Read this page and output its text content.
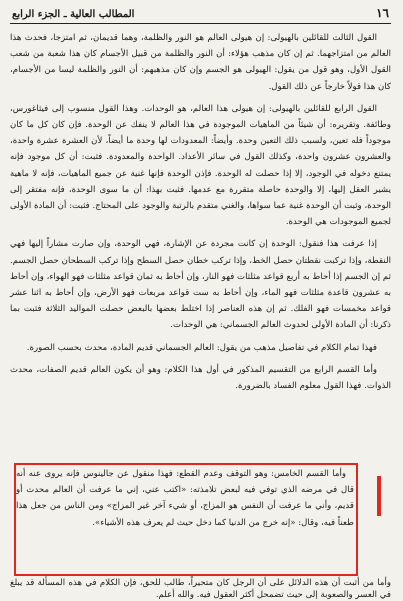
١٦
المطالب العالية ـ الجزء الرابع

القول الثالث للقائلين بالهيولى: إن هيولى العالم هو النور والظلمة، وهما قديمان، ثم امتزجا، فحدث هذا العالم من امتزاجهما. ثم إن كان مذهب هؤلاء: أن النور والظلمة من قبيل الأجسام كان هذا شعبة من شعب القول الأول، وهو قول من يقول: الهيولى هو الجسم وإن كان مذهبهم: أن النور والظلمة ليسا من الأجسام، كان هذا قولاً خارجاً عن ذلك القول.

القول الرابع للقائلين بالهيولى: إن هيولى هذا العالم، هو الوحدات. وهذا القول منسوب إلى فيثاغورس، وطائفة. وتقريره: أن شيئاً من الماهيات الموجودة في هذا العالم لا ينفك عن الوحدة. فإن كان كل ما كان موجوداً فله تعين، ولسبب ذلك التعين وحدة. وأيضاً: المعدودات لها وحدة ما أيضاً، لأن العشرة عشرة واحدة، والعشرون عشرون واحدة، وكذلك القول في سائر الأعداد. الواحدة والمعدودة. فثبت: أن كل موجود فإنه يمتنع دخوله في الوجود، إلا إذا حصلت له الوحدة. فإذن الوحدة فإنها غنية عن جميع الماهيات، فإنه لا ماهية يشير العقل إليها، إلا والوحدة حاصلة متقررة مع عدمها. فثبت بهذا: أن ما سوى الوحدة، فإنه مفتقر إلى الوحدة، وثبت أن الوحدة غنية عما سواها، والغني متقدم بالرتبة والوجود على المحتاج. فثبت: أن المادة الأولى لجميع الموجودات هي الوحدة.

إذا عرفت هذا فنقول: الوحدة إن كانت مجردة عن الإشارة، فهي الوحدة، وإن صارت مشاراً إليها فهي النقطة، وإذا تركبت نقطتان حصل الخط، وإذا تركب خطان حصل السطح وإذا تركب السطحان حصل الجسم. ثم إن الجسم إذا أحاط به أربع قواعد مثلثات فهو النار، وإن أحاط به ثمان قواعد مثلثات فهو الهواء، وإن أحاط به عشرون قاعدة مثلثات فهو الماء، وإن أحاط به ست قواعد مربعات فهو الأرض، وإن أحاط به اثنا عشر قواعد مخمسات فهو الفلك. ثم إن هذه العناصر إذا اختلط بعضها بالبعض حصلت المواليد الثلاثة فثبت بما ذكرنا: أن المادة الأولى لحدوث العالم الجسماني: هي الوحدات.

فهذا تمام الكلام في تفاصيل مذهب من يقول: العالم الجسماني قديم المادة، محدث بحسب الصورة.

وأما القسم الرابع من التقسيم المذكور في أول هذا الكلام: وهو أن يكون العالم قديم الصفات، محدث الذوات. فهذا القول معلوم الفساد بالضرورة.

وأما القسم الخامس: وهو التوقف وعدم القطع: فهذا منقول عن جالينوس فإنه يروى عنه أنه قال في مرضه الذي توفي فيه لبعض تلامذته: «اكتب عني، إني ما عرفت أن العالم محدث أو قديم، وأني ما عرفت أن النفس هو المزاج، أو شيء آخر غير المزاج» ومن الناس من جعل هذا طعناً فيه، وقال: «إنه خرج من الدنيا كما دخل حيث لم يعرف هذه الأشياء».

وأما من أثبت أن هذه الدلائل على أن الرجل كان متحيراً، طالب للحق، فإن الكلام في هذه المسألة قد يبلغ في العسر والصعوبة إلى حيث تضمحل أكثر العقول فيه. والله أعلم.
